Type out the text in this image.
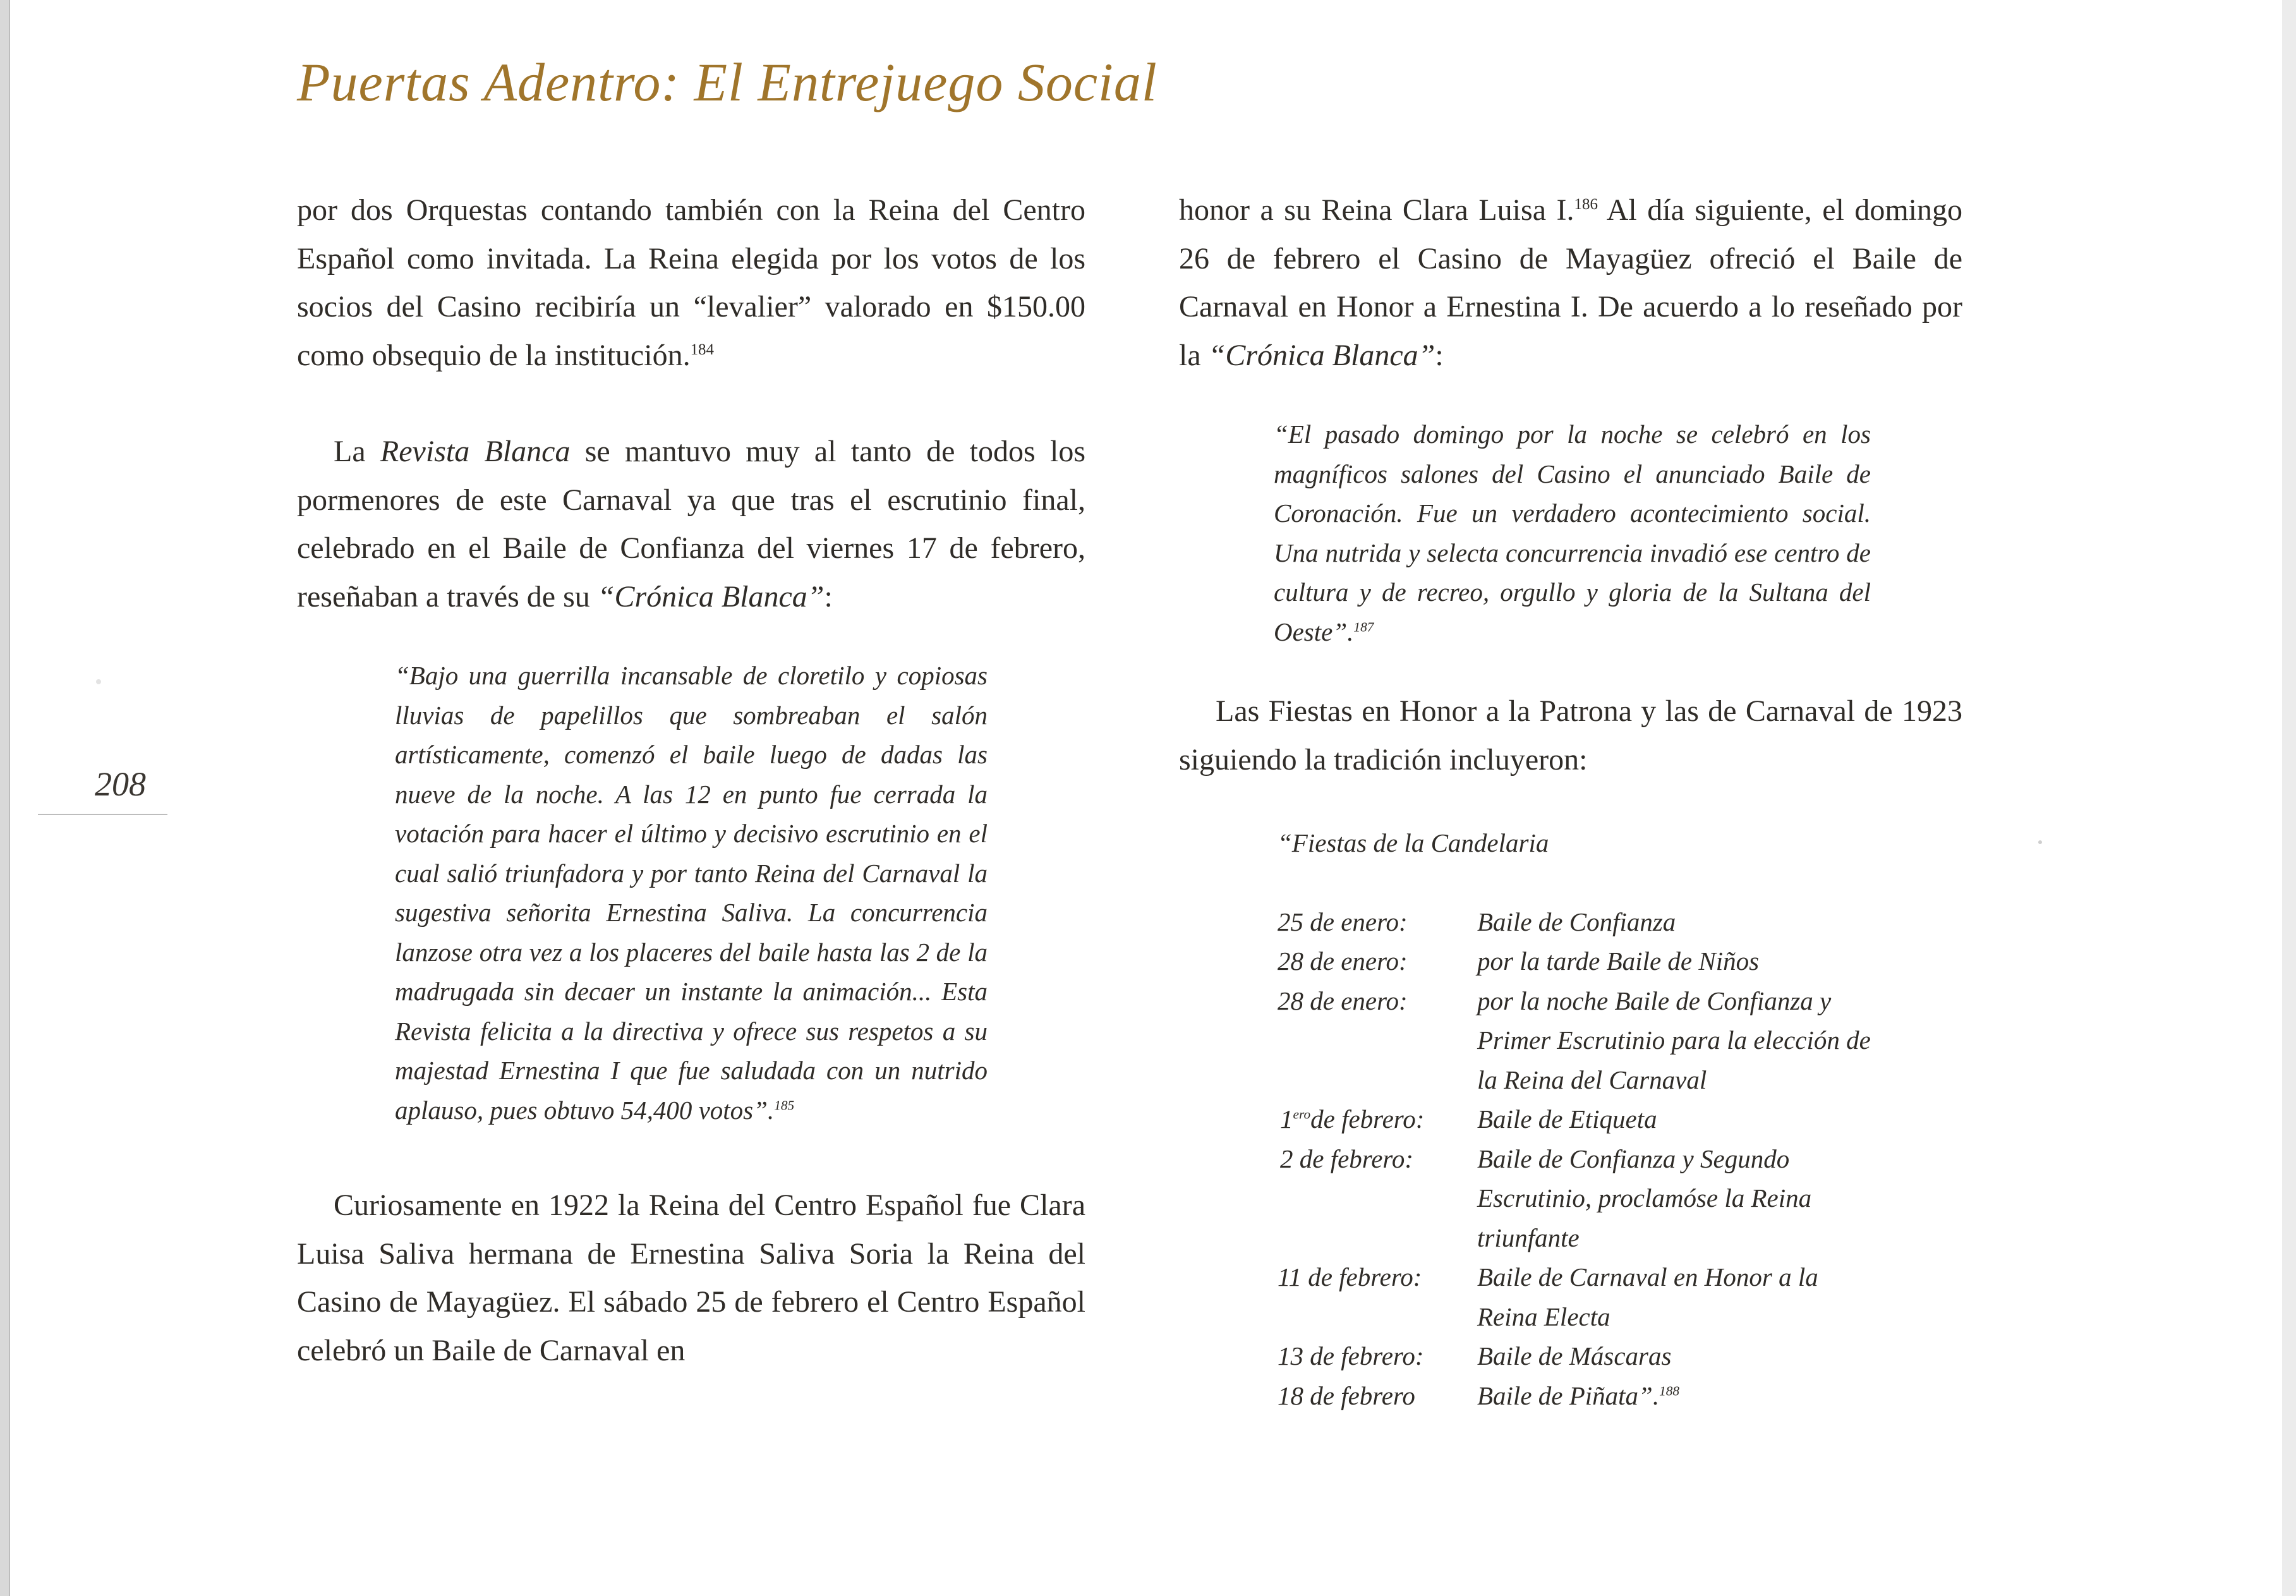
Puertas Adentro: El Entrejuego Social
208

por dos Orquestas contando también con la Reina del Centro Español como invitada. La Reina elegida por los votos de los socios del Casino recibiría un “levalier” valorado en $150.00 como obsequio de la institución.$^{184}$

La Revista Blanca se mantuvo muy al tanto de todos los pormenores de este Carnaval ya que tras el escrutinio final, celebrado en el Baile de Confianza del viernes 17 de febrero, reseñaban a través de su “Crónica Blanca”:

“Bajo una guerrilla incansable de cloretilo y copiosas lluvias de papelillos que sombreaban el salón artísticamente, comenzó el baile luego de dadas las nueve de la noche. A las 12 en punto fue cerrada la votación para hacer el último y decisivo escrutinio en el cual salió triunfadora y por tanto Reina del Carnaval la sugestiva señorita Ernestina Saliva. La concurrencia lanzose otra vez a los placeres del baile hasta las 2 de la madrugada sin decaer un instante la animación... Esta Revista felicita a la directiva y ofrece sus respetos a su majestad Ernestina I que fue saludada con un nutrido aplauso, pues obtuvo 54,400 votos”.$^{185}$

Curiosamente en 1922 la Reina del Centro Español fue Clara Luisa Saliva hermana de Ernestina Saliva Soria la Reina del Casino de Mayagüez. El sábado 25 de febrero el Centro Español celebró un Baile de Carnaval en

honor a su Reina Clara Luisa I.$^{186}$ Al día siguiente, el domingo 26 de febrero el Casino de Mayagüez ofreció el Baile de Carnaval en Honor a Ernestina I. De acuerdo a lo reseñado por la “Crónica Blanca”:

“El pasado domingo por la noche se celebró en los magníficos salones del Casino el anunciado Baile de Coronación. Fue un verdadero acontecimiento social. Una nutrida y selecta concurrencia invadió ese centro de cultura y de recreo, orgullo y gloria de la Sultana del Oeste”.$^{187}$

Las Fiestas en Honor a la Patrona y las de Carnaval de 1923 siguiendo la tradición incluyeron:

“Fiestas de la Candelaria

25 de enero:	Baile de Confianza
28 de enero:	por la tarde Baile de Niños
28 de enero:	por la noche Baile de Confianza y Primer Escrutinio para la elección de la Reina del Carnaval
$1^{ero}de$ febrero:	Baile de Etiqueta
2 de febrero:	Baile de Confianza y Segundo Escrutinio, proclamóse la Reina triunfante
11 de febrero:	Baile de Carnaval en Honor a la Reina Electa
13 de febrero:	Baile de Máscaras
18 de febrero	Baile de Piñata”.$^{188}$
